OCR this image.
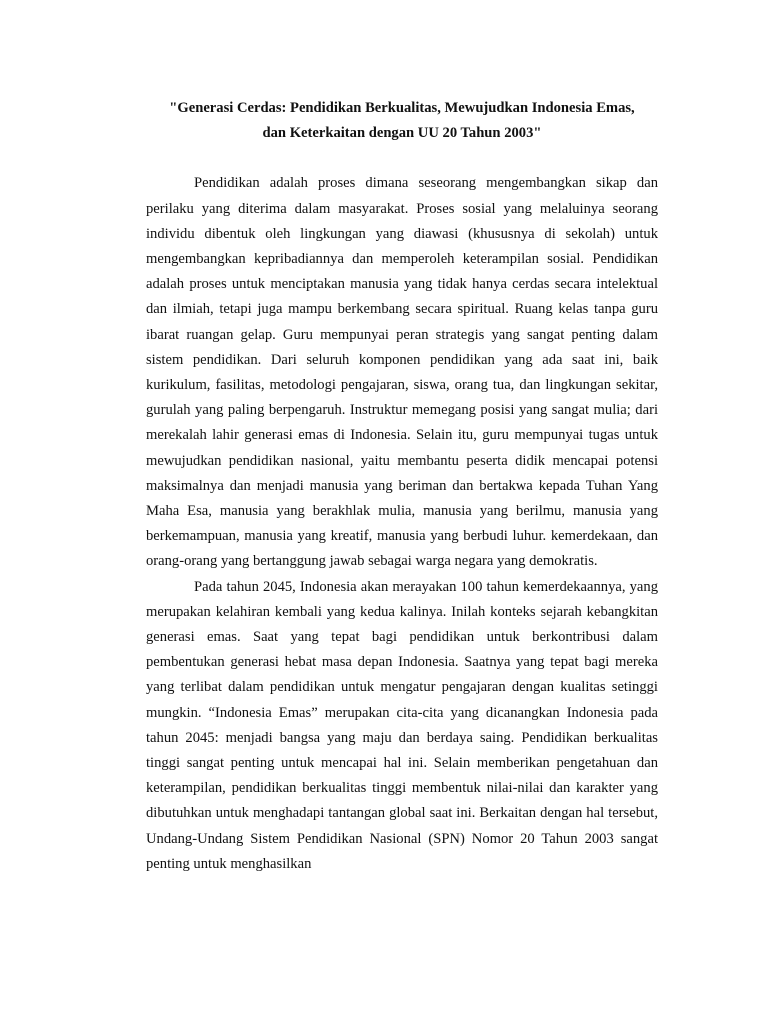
"Generasi Cerdas: Pendidikan Berkualitas, Mewujudkan Indonesia Emas,
dan Keterkaitan dengan UU 20 Tahun 2003"

Pendidikan adalah proses dimana seseorang mengembangkan sikap dan perilaku yang diterima dalam masyarakat. Proses sosial yang melaluinya seorang individu dibentuk oleh lingkungan yang diawasi (khususnya di sekolah) untuk mengembangkan kepribadiannya dan memperoleh keterampilan sosial. Pendidikan adalah proses untuk menciptakan manusia yang tidak hanya cerdas secara intelektual dan ilmiah, tetapi juga mampu berkembang secara spiritual. Ruang kelas tanpa guru ibarat ruangan gelap. Guru mempunyai peran strategis yang sangat penting dalam sistem pendidikan. Dari seluruh komponen pendidikan yang ada saat ini, baik kurikulum, fasilitas, metodologi pengajaran, siswa, orang tua, dan lingkungan sekitar, gurulah yang paling berpengaruh. Instruktur memegang posisi yang sangat mulia; dari merekalah lahir generasi emas di Indonesia. Selain itu, guru mempunyai tugas untuk mewujudkan pendidikan nasional, yaitu membantu peserta didik mencapai potensi maksimalnya dan menjadi manusia yang beriman dan bertakwa kepada Tuhan Yang Maha Esa, manusia yang berakhlak mulia, manusia yang berilmu, manusia yang berkemampuan, manusia yang kreatif, manusia yang berbudi luhur. kemerdekaan, dan orang-orang yang bertanggung jawab sebagai warga negara yang demokratis.

Pada tahun 2045, Indonesia akan merayakan 100 tahun kemerdekaannya, yang merupakan kelahiran kembali yang kedua kalinya. Inilah konteks sejarah kebangkitan generasi emas. Saat yang tepat bagi pendidikan untuk berkontribusi dalam pembentukan generasi hebat masa depan Indonesia. Saatnya yang tepat bagi mereka yang terlibat dalam pendidikan untuk mengatur pengajaran dengan kualitas setinggi mungkin. “Indonesia Emas” merupakan cita-cita yang dicanangkan Indonesia pada tahun 2045: menjadi bangsa yang maju dan berdaya saing. Pendidikan berkualitas tinggi sangat penting untuk mencapai hal ini. Selain memberikan pengetahuan dan keterampilan, pendidikan berkualitas tinggi membentuk nilai-nilai dan karakter yang dibutuhkan untuk menghadapi tantangan global saat ini. Berkaitan dengan hal tersebut, Undang-Undang Sistem Pendidikan Nasional (SPN) Nomor 20 Tahun 2003 sangat penting untuk menghasilkan
